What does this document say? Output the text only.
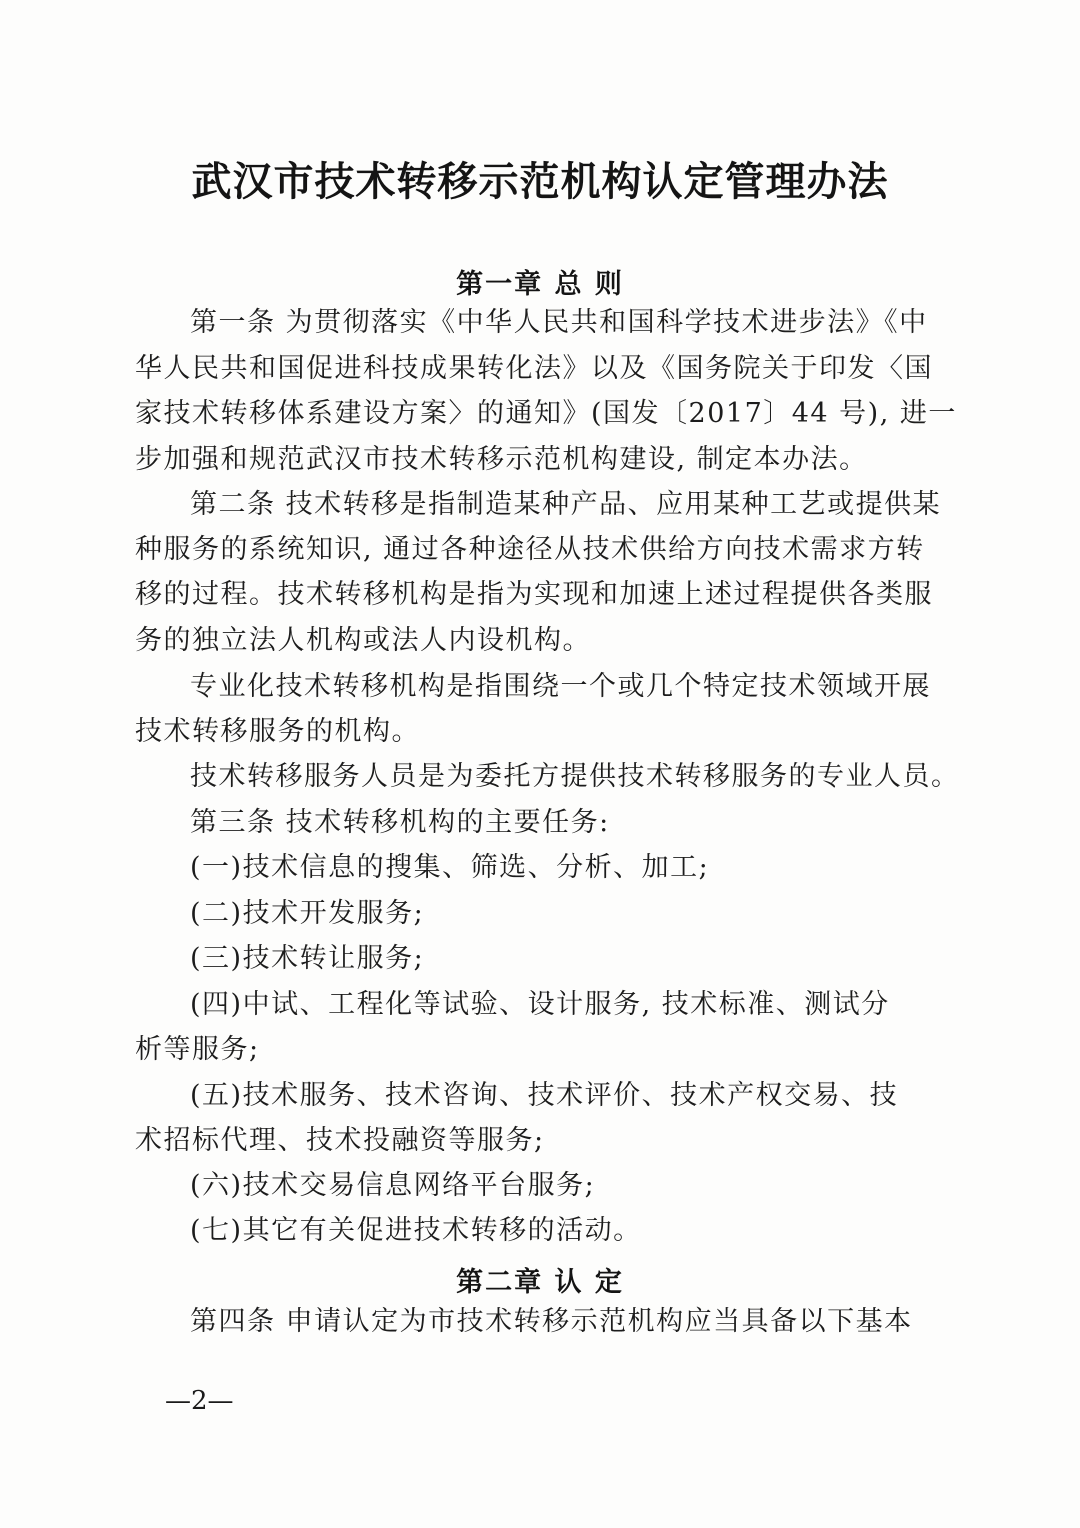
武汉市技术转移示范机构认定管理办法
第一章 总 则
第一条 为贯彻落实《中华人民共和国科学技术进步法》《中
华人民共和国促进科技成果转化法》以及《国务院关于印发〈国
家技术转移体系建设方案〉的通知》(国发〔2017〕44 号), 进一
步加强和规范武汉市技术转移示范机构建设, 制定本办法。
第二条 技术转移是指制造某种产品、应用某种工艺或提供某
种服务的系统知识, 通过各种途径从技术供给方向技术需求方转
移的过程。技术转移机构是指为实现和加速上述过程提供各类服
务的独立法人机构或法人内设机构。
专业化技术转移机构是指围绕一个或几个特定技术领域开展
技术转移服务的机构。
技术转移服务人员是为委托方提供技术转移服务的专业人员。
第三条 技术转移机构的主要任务:
(一)技术信息的搜集、筛选、分析、加工;
(二)技术开发服务;
(三)技术转让服务;
(四)中试、工程化等试验、设计服务, 技术标准、测试分
析等服务;
(五)技术服务、技术咨询、技术评价、技术产权交易、技
术招标代理、技术投融资等服务;
(六)技术交易信息网络平台服务;
(七)其它有关促进技术转移的活动。
第二章 认 定
第四条 申请认定为市技术转移示范机构应当具备以下基本
—2—
